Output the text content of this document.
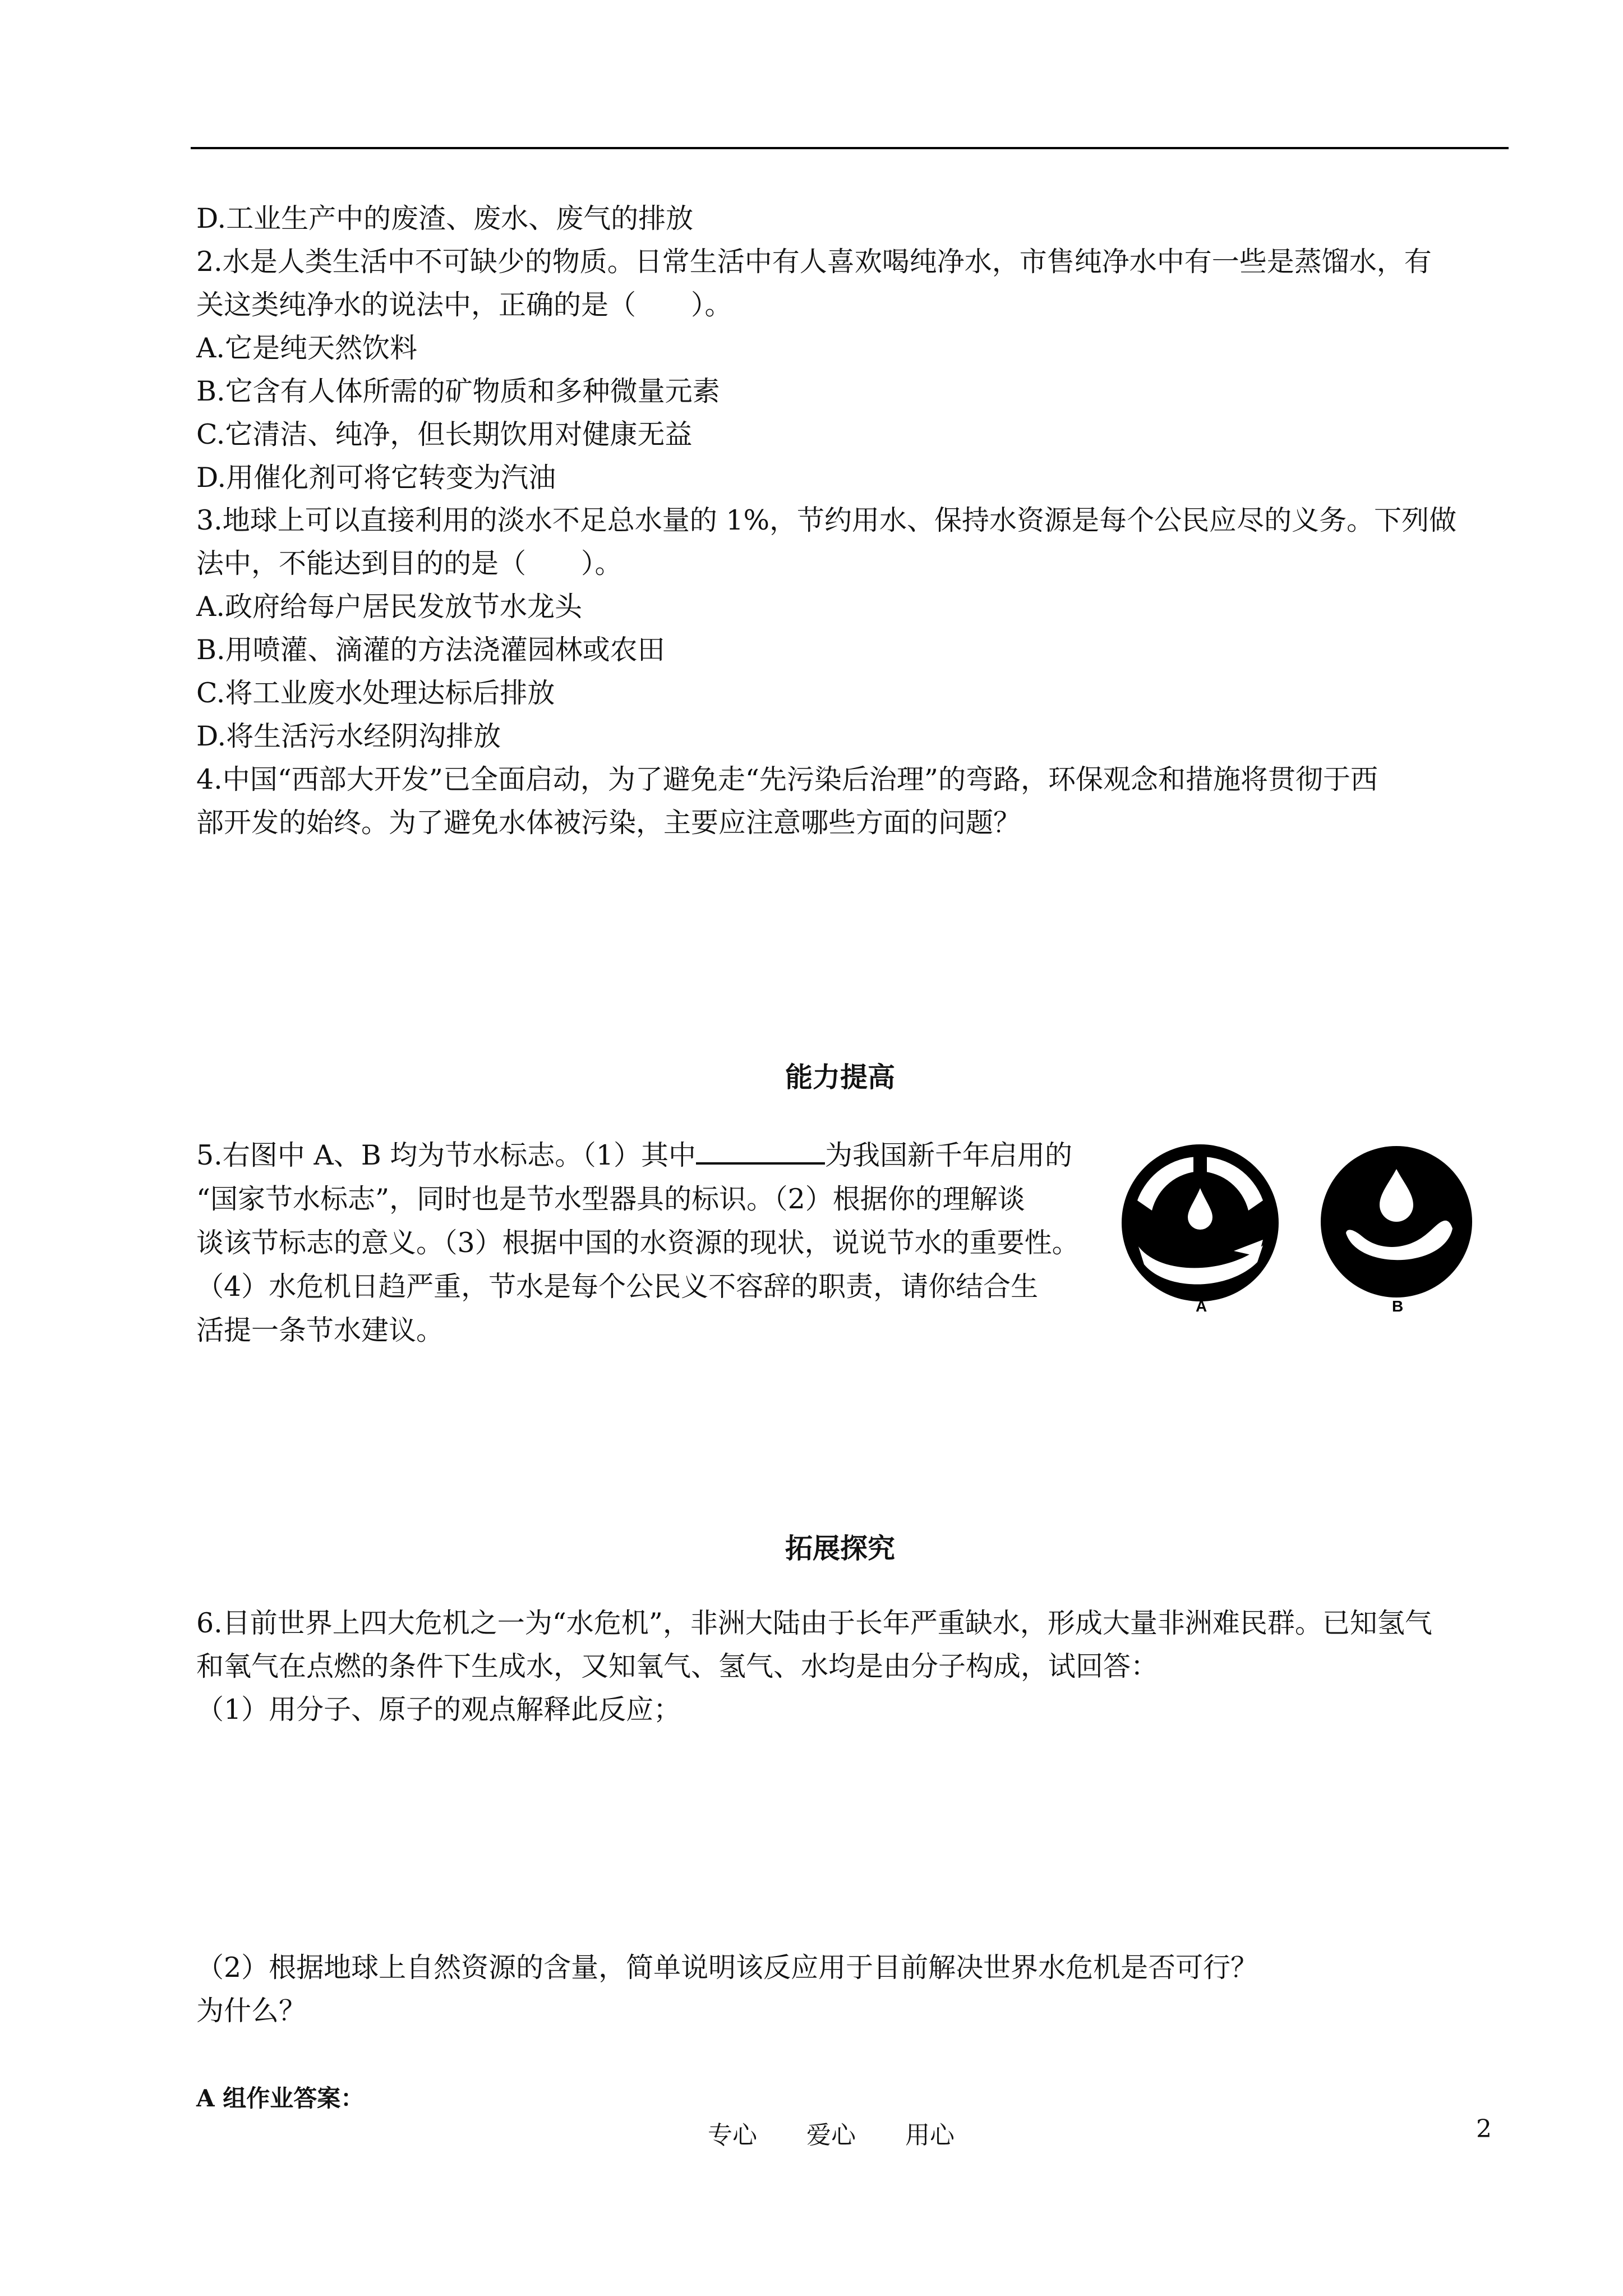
D.工业生产中的废渣、废水、废气的排放
2.水是人类生活中不可缺少的物质。日常生活中有人喜欢喝纯净水，市售纯净水中有一些是蒸馏水，有
关这类纯净水的说法中，正确的是（　　）。
A.它是纯天然饮料
B.它含有人体所需的矿物质和多种微量元素
C.它清洁、纯净，但长期饮用对健康无益
D.用催化剂可将它转变为汽油
3.地球上可以直接利用的淡水不足总水量的 1%，节约用水、保持水资源是每个公民应尽的义务。下列做
法中，不能达到目的的是（　　）。
A.政府给每户居民发放节水龙头
B.用喷灌、滴灌的方法浇灌园林或农田
C.将工业废水处理达标后排放
D.将生活污水经阴沟排放
4.中国“西部大开发”已全面启动，为了避免走“先污染后治理”的弯路，环保观念和措施将贯彻于西
部开发的始终。为了避免水体被污染，主要应注意哪些方面的问题？
能力提高
5.右图中 A、B 均为节水标志。（1）其中	为我国新千年启用的
“国家节水标志”，同时也是节水型器具的标识。（2）根据你的理解谈
谈该节标志的意义。（3）根据中国的水资源的现状，说说节水的重要性。
（4）水危机日趋严重，节水是每个公民义不容辞的职责，请你结合生
活提一条节水建议。
A	B
拓展探究
6.目前世界上四大危机之一为“水危机”，非洲大陆由于长年严重缺水，形成大量非洲难民群。已知氢气
和氧气在点燃的条件下生成水，又知氧气、氢气、水均是由分子构成，试回答：
（1）用分子、原子的观点解释此反应；
（2）根据地球上自然资源的含量，简单说明该反应用于目前解决世界水危机是否可行？
为什么？
A 组作业答案：
专心　　爱心　　用心	2
